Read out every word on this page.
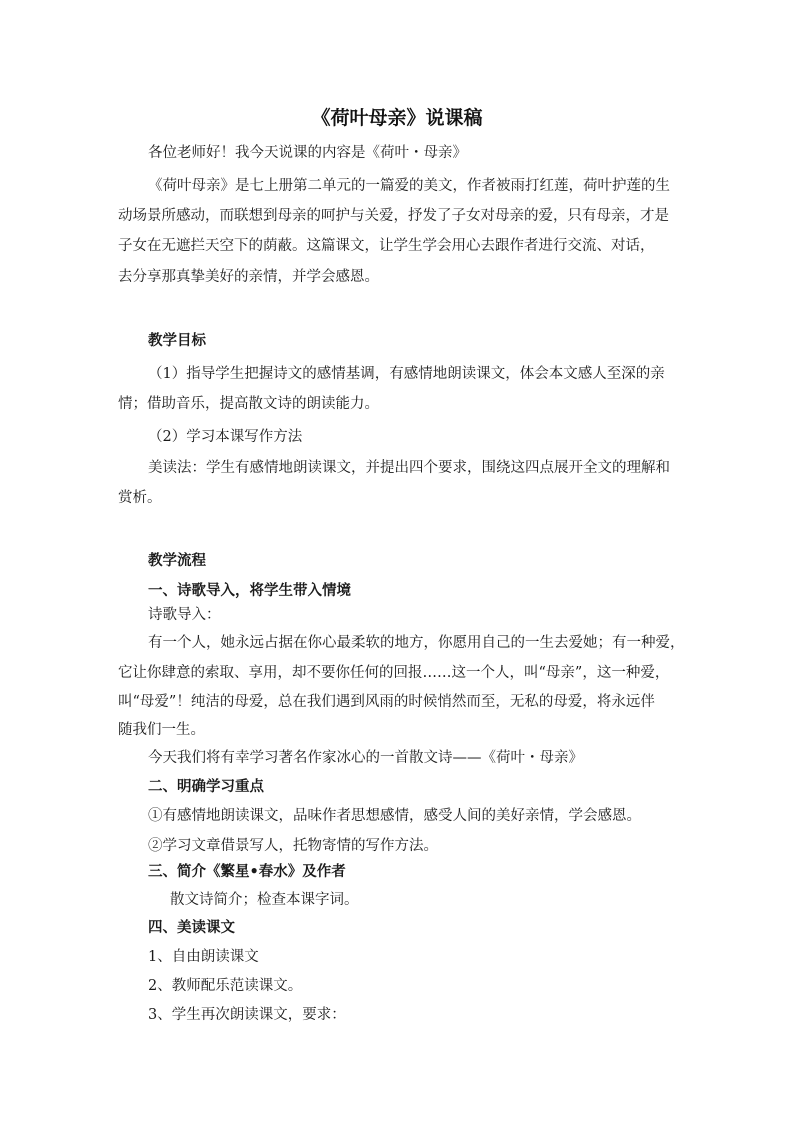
《荷叶母亲》说课稿
各位老师好！我今天说课的内容是《荷叶・母亲》
《荷叶母亲》是七上册第二单元的一篇爱的美文，作者被雨打红莲，荷叶护莲的生
动场景所感动，而联想到母亲的呵护与关爱，抒发了子女对母亲的爱，只有母亲，才是
子女在无遮拦天空下的荫蔽。这篇课文，让学生学会用心去跟作者进行交流、对话，
去分享那真挚美好的亲情，并学会感恩。
教学目标
（1）指导学生把握诗文的感情基调，有感情地朗读课文，体会本文感人至深的亲
情；借助音乐，提高散文诗的朗读能力。
（2）学习本课写作方法
美读法：学生有感情地朗读课文，并提出四个要求，围绕这四点展开全文的理解和
赏析。
教学流程
一、诗歌导入，将学生带入情境
诗歌导入：
有一个人，她永远占据在你心最柔软的地方，你愿用自己的一生去爱她；有一种爱，
它让你肆意的索取、享用，却不要你任何的回报……这一个人，叫“母亲”，这一种爱，
叫“母爱”！纯洁的母爱，总在我们遇到风雨的时候悄然而至，无私的母爱，将永远伴
随我们一生。
今天我们将有幸学习著名作家冰心的一首散文诗——《荷叶・母亲》
二、明确学习重点
①有感情地朗读课文，品味作者思想感情，感受人间的美好亲情，学会感恩。
②学习文章借景写人，托物寄情的写作方法。
三、简介《繁星•春水》及作者
散文诗简介；检查本课字词。
四、美读课文
1、自由朗读课文
2、教师配乐范读课文。
3、学生再次朗读课文，要求：
